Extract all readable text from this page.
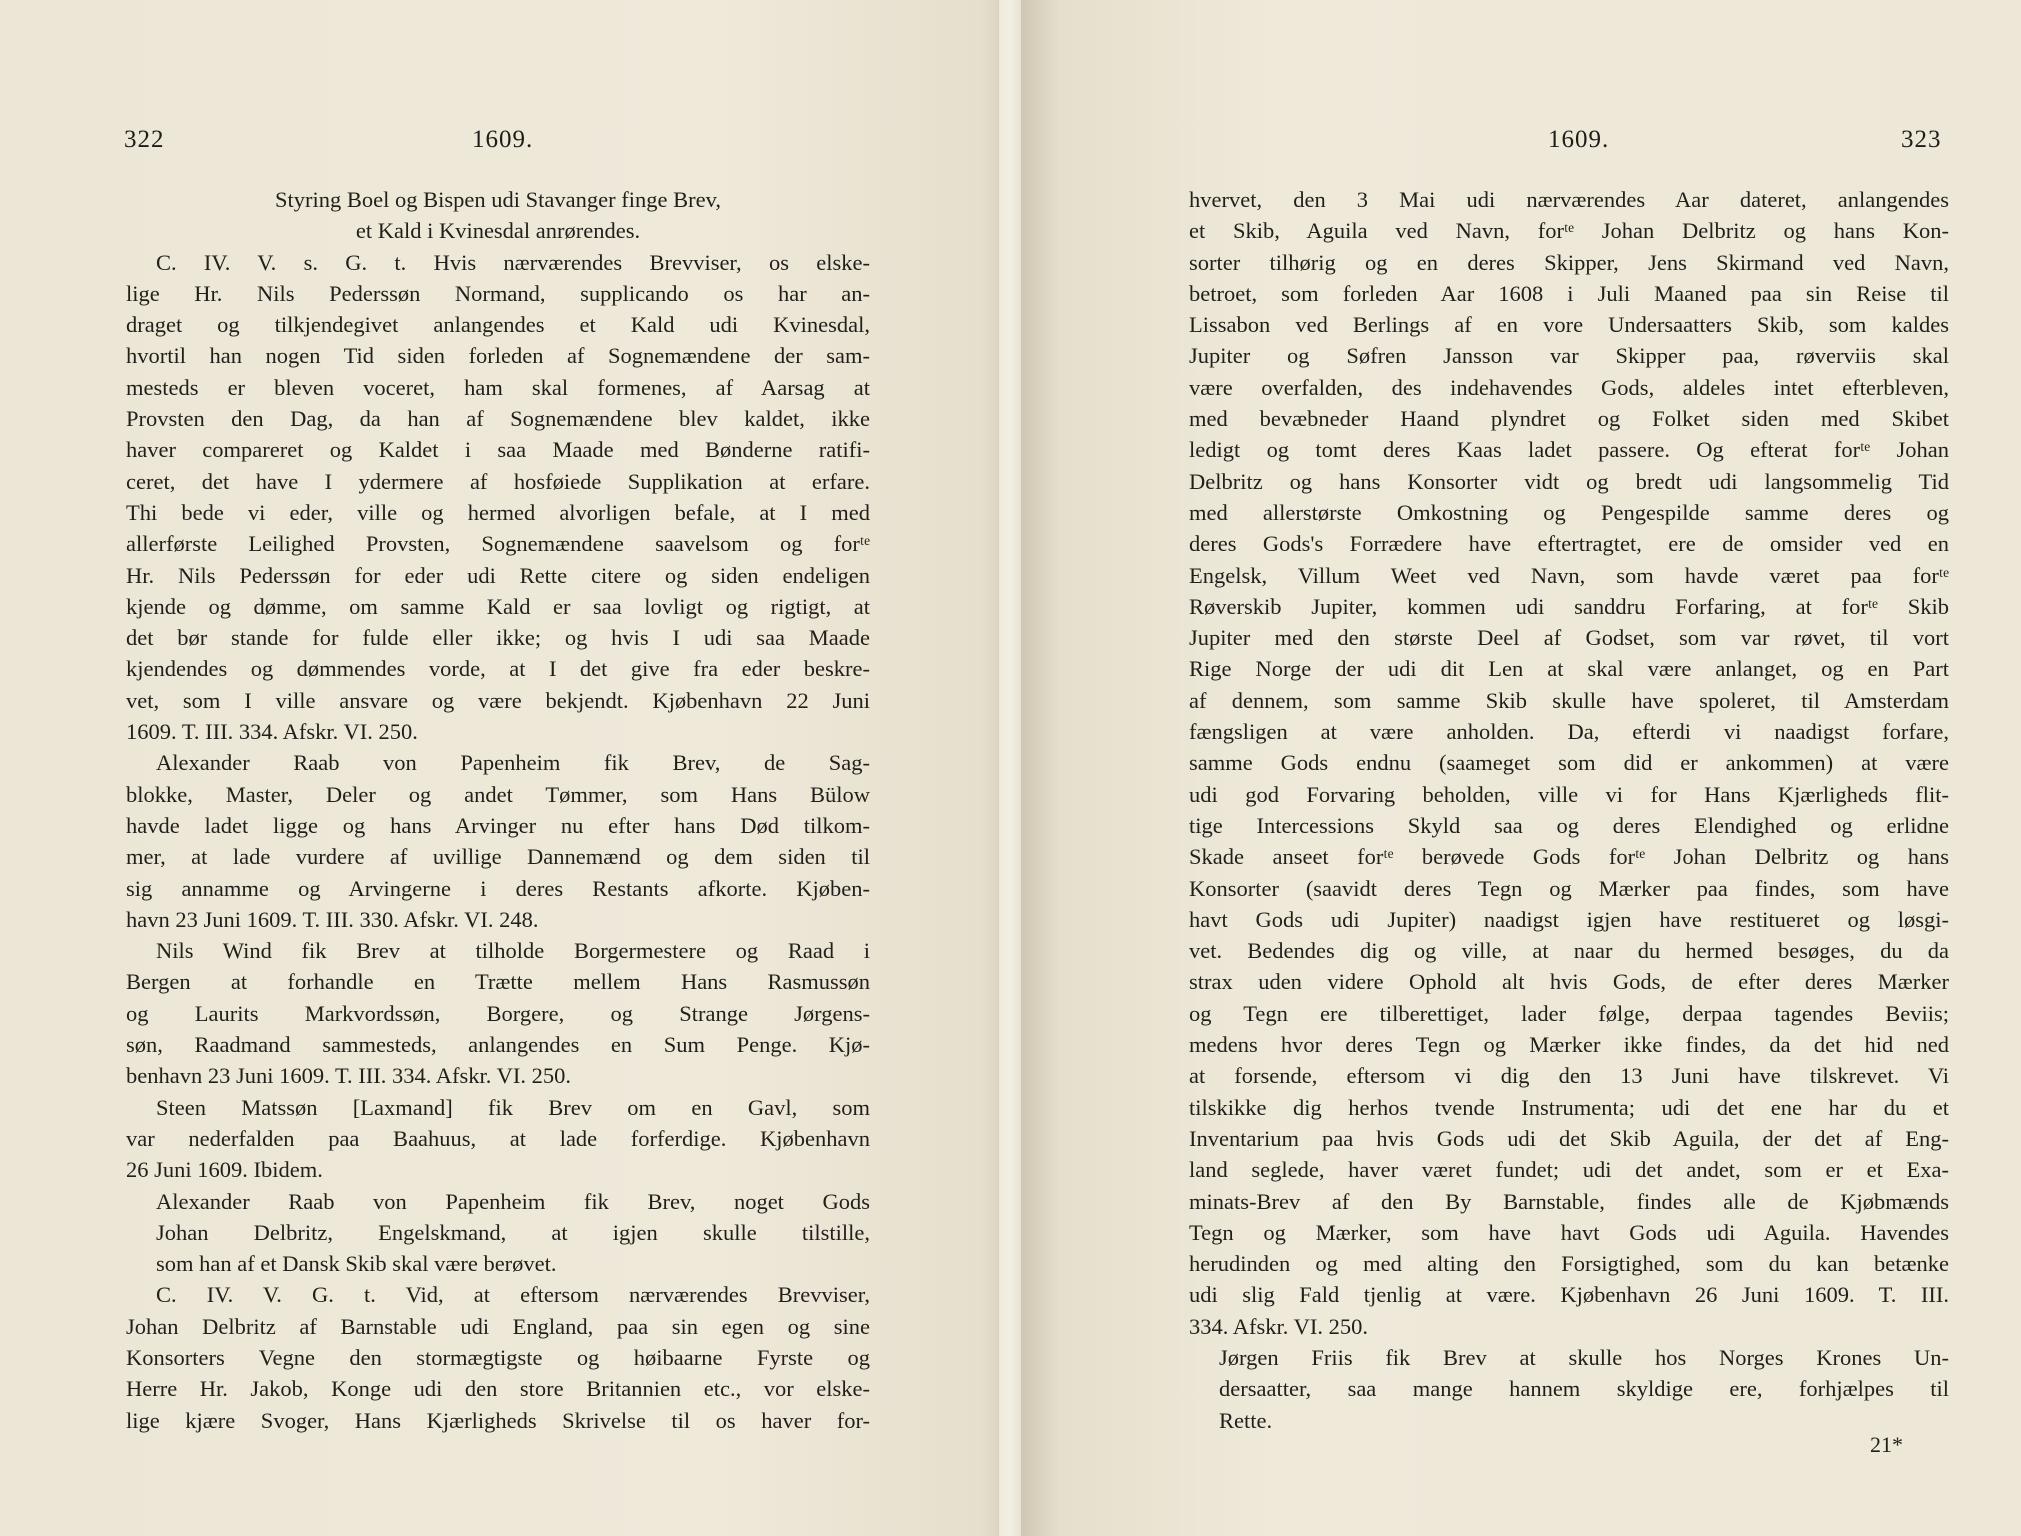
322	1609.
Styring Boel og Bispen udi Stavanger finge Brev,
et Kald i Kvinesdal anrørendes.
C. IV. V. s. G. t. Hvis nærværendes Brevviser, os elske-
lige Hr. Nils Pederssøn Normand, supplicando os har an-
draget og tilkjendegivet anlangendes et Kald udi Kvinesdal,
hvortil han nogen Tid siden forleden af Sognemændene der sam-
mesteds er bleven voceret, ham skal formenes, af Aarsag at
Provsten den Dag, da han af Sognemændene blev kaldet, ikke
haver compareret og Kaldet i saa Maade med Bønderne ratifi-
ceret, det have I ydermere af hosføiede Supplikation at erfare.
Thi bede vi eder, ville og hermed alvorligen befale, at I med
allerførste Leilighed Provsten, Sognemændene saavelsom og forᵗᵉ
Hr. Nils Pederssøn for eder udi Rette citere og siden endeligen
kjende og dømme, om samme Kald er saa lovligt og rigtigt, at
det bør stande for fulde eller ikke; og hvis I udi saa Maade
kjendendes og dømmendes vorde, at I det give fra eder beskre-
vet, som I ville ansvare og være bekjendt. Kjøbenhavn 22 Juni
1609. T. III. 334. Afskr. VI. 250.
Alexander Raab von Papenheim fik Brev, de Sag-
blokke, Master, Deler og andet Tømmer, som Hans Bülow
havde ladet ligge og hans Arvinger nu efter hans Død tilkom-
mer, at lade vurdere af uvillige Dannemænd og dem siden til
sig annamme og Arvingerne i deres Restants afkorte. Kjøben-
havn 23 Juni 1609. T. III. 330. Afskr. VI. 248.
Nils Wind fik Brev at tilholde Borgermestere og Raad i
Bergen at forhandle en Trætte mellem Hans Rasmussøn
og Laurits Markvordssøn, Borgere, og Strange Jørgens-
søn, Raadmand sammesteds, anlangendes en Sum Penge. Kjø-
benhavn 23 Juni 1609. T. III. 334. Afskr. VI. 250.
Steen Matssøn [Laxmand] fik Brev om en Gavl, som
var nederfalden paa Baahuus, at lade forferdige. Kjøbenhavn
26 Juni 1609. Ibidem.
Alexander Raab von Papenheim fik Brev, noget Gods
Johan Delbritz, Engelskmand, at igjen skulle tilstille,
som han af et Dansk Skib skal være berøvet.
C. IV. V. G. t. Vid, at eftersom nærværendes Brevviser,
Johan Delbritz af Barnstable udi England, paa sin egen og sine
Konsorters Vegne den stormægtigste og høibaarne Fyrste og
Herre Hr. Jakob, Konge udi den store Britannien etc., vor elske-
lige kjære Svoger, Hans Kjærligheds Skrivelse til os haver for-
1609.	323
hvervet, den 3 Mai udi nærværendes Aar dateret, anlangendes
et Skib, Aguila ved Navn, forᵗᵉ Johan Delbritz og hans Kon-
sorter tilhørig og en deres Skipper, Jens Skirmand ved Navn,
betroet, som forleden Aar 1608 i Juli Maaned paa sin Reise til
Lissabon ved Berlings af en vore Undersaatters Skib, som kaldes
Jupiter og Søfren Jansson var Skipper paa, røverviis skal
være overfalden, des indehavendes Gods, aldeles intet efterbleven,
med bevæbneder Haand plyndret og Folket siden med Skibet
ledigt og tomt deres Kaas ladet passere. Og efterat forᵗᵉ Johan
Delbritz og hans Konsorter vidt og bredt udi langsommelig Tid
med allerstørste Omkostning og Pengespilde samme deres og
deres Gods's Forrædere have eftertragtet, ere de omsider ved en
Engelsk, Villum Weet ved Navn, som havde været paa forᵗᵉ
Røverskib Jupiter, kommen udi sanddru Forfaring, at forᵗᵉ Skib
Jupiter med den største Deel af Godset, som var røvet, til vort
Rige Norge der udi dit Len at skal være anlanget, og en Part
af dennem, som samme Skib skulle have spoleret, til Amsterdam
fængsligen at være anholden. Da, efterdi vi naadigst forfare,
samme Gods endnu (saameget som did er ankommen) at være
udi god Forvaring beholden, ville vi for Hans Kjærligheds flit-
tige Intercessions Skyld saa og deres Elendighed og erlidne
Skade anseet forᵗᵉ berøvede Gods forᵗᵉ Johan Delbritz og hans
Konsorter (saavidt deres Tegn og Mærker paa findes, som have
havt Gods udi Jupiter) naadigst igjen have restitueret og løsgi-
vet. Bedendes dig og ville, at naar du hermed besøges, du da
strax uden videre Ophold alt hvis Gods, de efter deres Mærker
og Tegn ere tilberettiget, lader følge, derpaa tagendes Beviis;
medens hvor deres Tegn og Mærker ikke findes, da det hid ned
at forsende, eftersom vi dig den 13 Juni have tilskrevet. Vi
tilskikke dig herhos tvende Instrumenta; udi det ene har du et
Inventarium paa hvis Gods udi det Skib Aguila, der det af Eng-
land seglede, haver været fundet; udi det andet, som er et Exa-
minats-Brev af den By Barnstable, findes alle de Kjøbmænds
Tegn og Mærker, som have havt Gods udi Aguila. Havendes
herudinden og med alting den Forsigtighed, som du kan betænke
udi slig Fald tjenlig at være. Kjøbenhavn 26 Juni 1609. T. III.
334. Afskr. VI. 250.
Jørgen Friis fik Brev at skulle hos Norges Krones Un-
dersaatter, saa mange hannem skyldige ere, forhjælpes til
Rette.
21*
